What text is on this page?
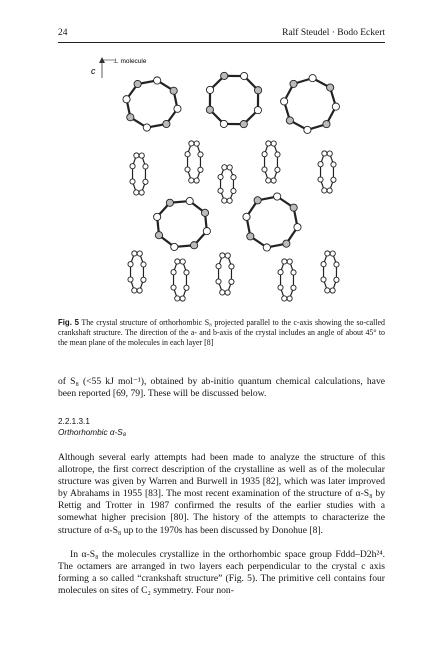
24	Ralf Steudel · Bodo Eckert
c
⊥ molecule
Fig. 5 The crystal structure of orthorhombic S₈ projected parallel to the c-axis showing the so-called crankshaft structure. The direction of the a- and b-axis of the crystal includes an angle of about 45° to the mean plane of the molecules in each layer [8]
of S₈ (<55 kJ mol⁻¹), obtained by ab-initio quantum chemical calculations, have been reported [69, 79]. These will be discussed below.
2.2.1.3.1
Orthorhombic α-S₈
Although several early attempts had been made to analyze the structure of this allotrope, the first correct description of the crystalline as well as of the molecular structure was given by Warren and Burwell in 1935 [82], which was later improved by Abrahams in 1955 [83]. The most recent examination of the structure of α-S₈ by Rettig and Trotter in 1987 confirmed the results of the earlier studies with a somewhat higher precision [80]. The history of the attempts to characterize the structure of α-S₈ up to the 1970s has been discussed by Donohue [8].
In α-S₈ the molecules crystallize in the orthorhombic space group Fddd–D2h²⁴. The octamers are arranged in two layers each perpendicular to the crystal c axis forming a so called “crankshaft structure” (Fig. 5). The primitive cell contains four molecules on sites of C₂ symmetry. Four non-
